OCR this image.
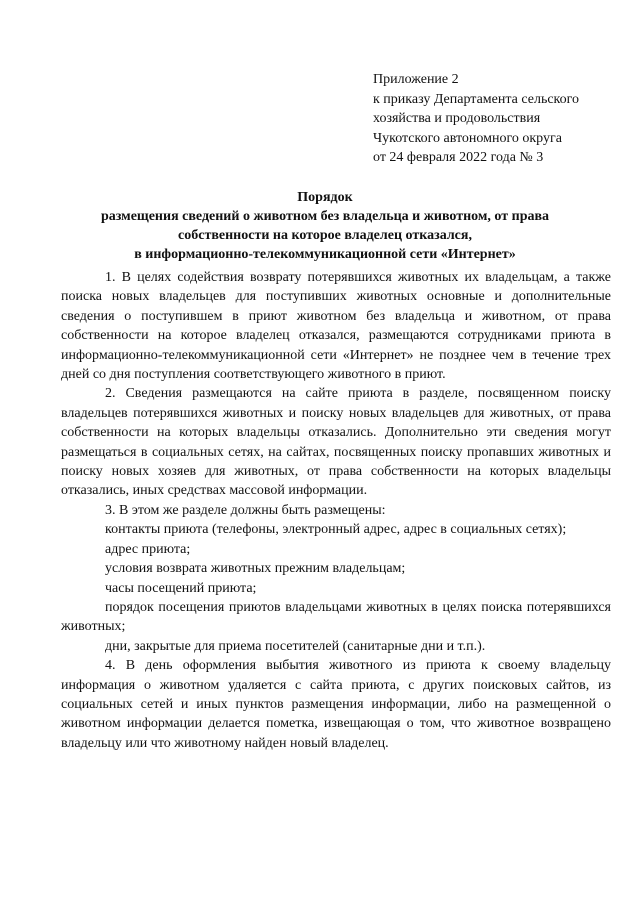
Приложение 2
к приказу Департамента сельского
хозяйства и продовольствия
Чукотского автономного округа
от 24 февраля 2022 года № 3
Порядок
размещения сведений о животном без владельца и животном, от права
собственности на которое владелец отказался,
в информационно-телекоммуникационной сети «Интернет»

1. В целях содействия возврату потерявшихся животных их владельцам, а также поиска новых владельцев для поступивших животных основные и дополнительные сведения о поступившем в приют животном без владельца и животном, от права собственности на которое владелец отказался, размещаются сотрудниками приюта в информационно-телекоммуникационной сети «Интернет» не позднее чем в течение трех дней со дня поступления соответствующего животного в приют.

2. Сведения размещаются на сайте приюта в разделе, посвященном поиску владельцев потерявшихся животных и поиску новых владельцев для животных, от права собственности на которых владельцы отказались. Дополнительно эти сведения могут размещаться в социальных сетях, на сайтах, посвященных поиску пропавших животных и поиску новых хозяев для животных, от права собственности на которых владельцы отказались, иных средствах массовой информации.

3. В этом же разделе должны быть размещены:

контакты приюта (телефоны, электронный адрес, адрес в социальных сетях);

адрес приюта;

условия возврата животных прежним владельцам;

часы посещений приюта;

порядок посещения приютов владельцами животных в целях поиска потерявшихся животных;

дни, закрытые для приема посетителей (санитарные дни и т.п.).

4. В день оформления выбытия животного из приюта к своему владельцу информация о животном удаляется с сайта приюта, с других поисковых сайтов, из социальных сетей и иных пунктов размещения информации, либо на размещенной о животном информации делается пометка, извещающая о том, что животное возвращено владельцу или что животному найден новый владелец.
